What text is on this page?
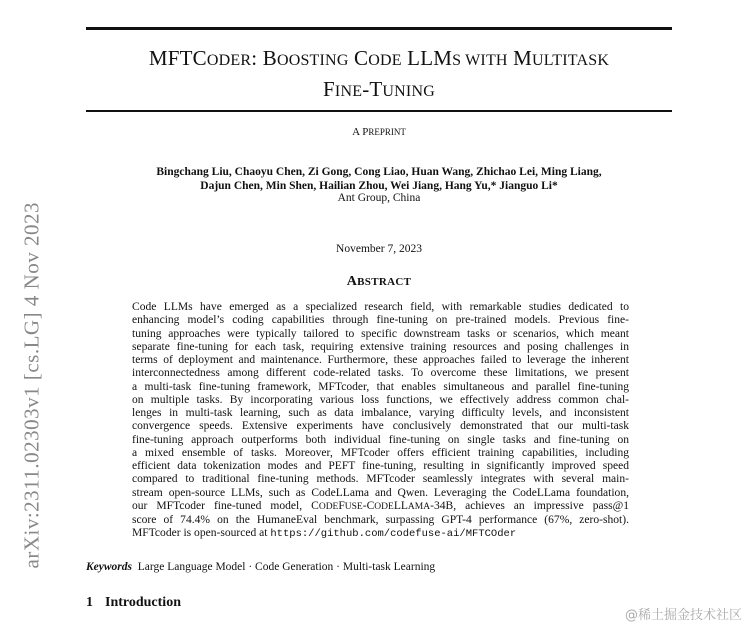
MFTCODER: BOOSTING CODE LLMS WITH MULTITASK
FINE-TUNING
A PREPRINT
Bingchang Liu, Chaoyu Chen, Zi Gong, Cong Liao, Huan Wang, Zhichao Lei, Ming Liang,
Dajun Chen, Min Shen, Hailian Zhou, Wei Jiang, Hang Yu,* Jianguo Li*
Ant Group, China
November 7, 2023
ABSTRACT
Code LLMs have emerged as a specialized research field, with remarkable studies dedicated to
enhancing model’s coding capabilities through fine-tuning on pre-trained models. Previous fine-
tuning approaches were typically tailored to specific downstream tasks or scenarios, which meant
separate fine-tuning for each task, requiring extensive training resources and posing challenges in
terms of deployment and maintenance. Furthermore, these approaches failed to leverage the inherent
interconnectedness among different code-related tasks. To overcome these limitations, we present
a multi-task fine-tuning framework, MFTcoder, that enables simultaneous and parallel fine-tuning
on multiple tasks. By incorporating various loss functions, we effectively address common chal-
lenges in multi-task learning, such as data imbalance, varying difficulty levels, and inconsistent
convergence speeds. Extensive experiments have conclusively demonstrated that our multi-task
fine-tuning approach outperforms both individual fine-tuning on single tasks and fine-tuning on
a mixed ensemble of tasks. Moreover, MFTcoder offers efficient training capabilities, including
efficient data tokenization modes and PEFT fine-tuning, resulting in significantly improved speed
compared to traditional fine-tuning methods. MFTcoder seamlessly integrates with several main-
stream open-source LLMs, such as CodeLLama and Qwen. Leveraging the CodeLLama foundation,
our MFTcoder fine-tuned model, CODEFUSE-CODELLAMA-34B, achieves an impressive pass@1
score of 74.4% on the HumaneEval benchmark, surpassing GPT-4 performance (67%, zero-shot).
MFTcoder is open-sourced at https://github.com/codefuse-ai/MFTCOder
Keywords Large Language Model · Code Generation · Multi-task Learning
1 Introduction
arXiv:2311.02303v1 [cs.LG] 4 Nov 2023
@稀土掘金技术社区
